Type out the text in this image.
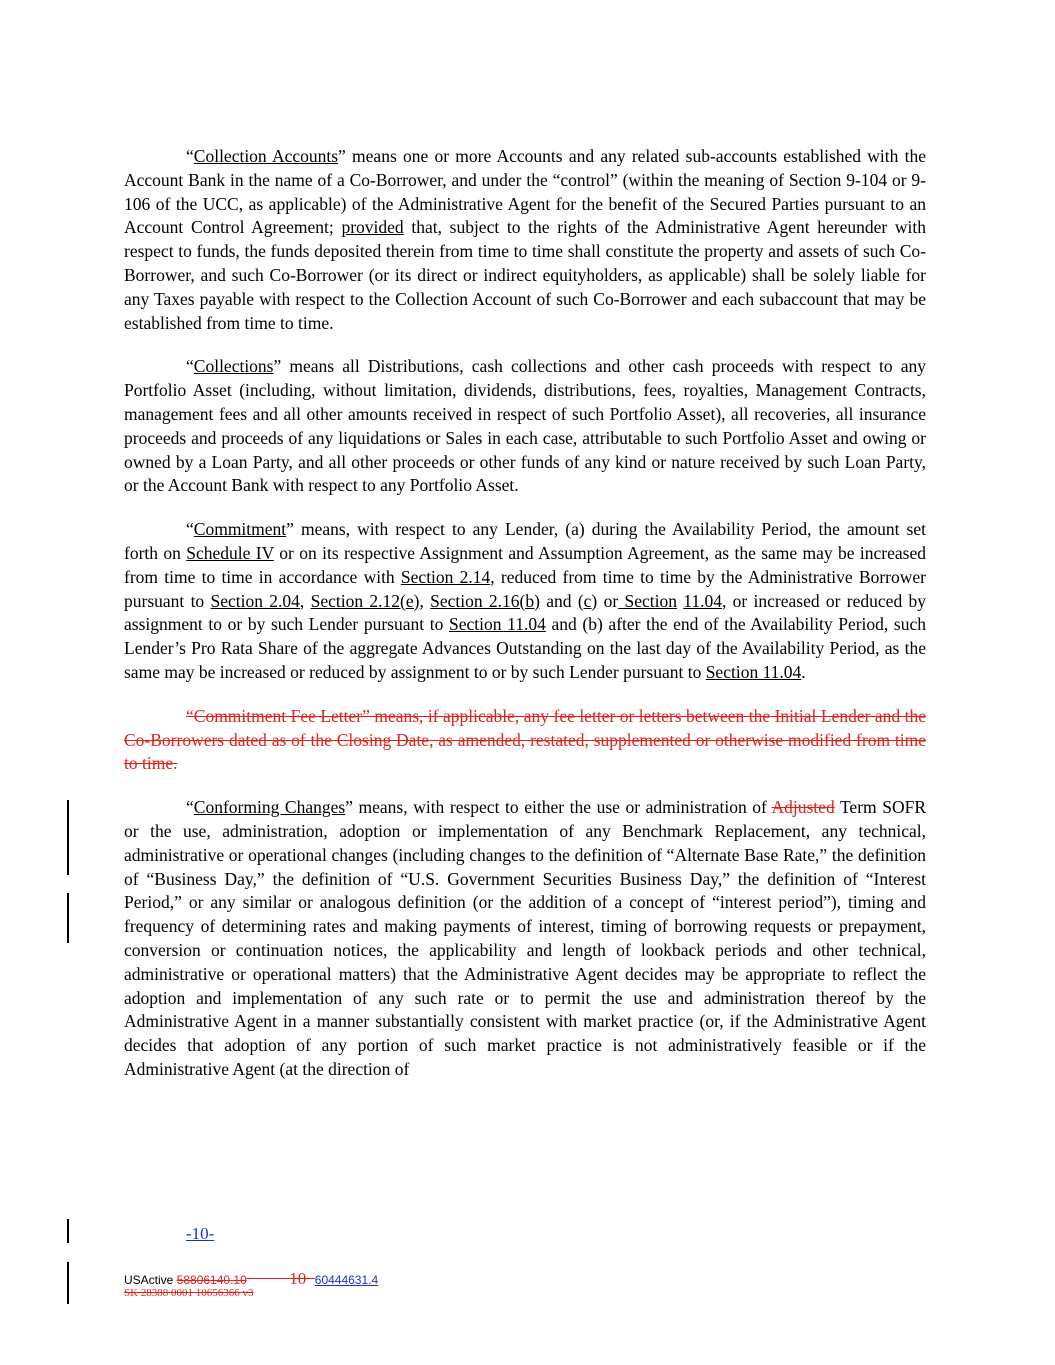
“Collection Accounts” means one or more Accounts and any related sub-accounts established with the Account Bank in the name of a Co-Borrower, and under the “control” (within the meaning of Section 9-104 or 9-106 of the UCC, as applicable) of the Administrative Agent for the benefit of the Secured Parties pursuant to an Account Control Agreement; provided that, subject to the rights of the Administrative Agent hereunder with respect to funds, the funds deposited therein from time to time shall constitute the property and assets of such Co-Borrower, and such Co-Borrower (or its direct or indirect equityholders, as applicable) shall be solely liable for any Taxes payable with respect to the Collection Account of such Co-Borrower and each subaccount that may be established from time to time.

“Collections” means all Distributions, cash collections and other cash proceeds with respect to any Portfolio Asset (including, without limitation, dividends, distributions, fees, royalties, Management Contracts, management fees and all other amounts received in respect of such Portfolio Asset), all recoveries, all insurance proceeds and proceeds of any liquidations or Sales in each case, attributable to such Portfolio Asset and owing or owned by a Loan Party, and all other proceeds or other funds of any kind or nature received by such Loan Party, or the Account Bank with respect to any Portfolio Asset.

“Commitment” means, with respect to any Lender, (a) during the Availability Period, the amount set forth on Schedule IV or on its respective Assignment and Assumption Agreement, as the same may be increased from time to time in accordance with Section 2.14, reduced from time to time by the Administrative Borrower pursuant to Section 2.04, Section 2.12(e), Section 2.16(b) and (c) or Section 11.04, or increased or reduced by assignment to or by such Lender pursuant to Section 11.04 and (b) after the end of the Availability Period, such Lender’s Pro Rata Share of the aggregate Advances Outstanding on the last day of the Availability Period, as the same may be increased or reduced by assignment to or by such Lender pursuant to Section 11.04.

“Commitment Fee Letter” means, if applicable, any fee letter or letters between the Initial Lender and the Co-Borrowers dated as of the Closing Date, as amended, restated, supplemented or otherwise modified from time to time.

“Conforming Changes” means, with respect to either the use or administration of Adjusted Term SOFR or the use, administration, adoption or implementation of any Benchmark Replacement, any technical, administrative or operational changes (including changes to the definition of “Alternate Base Rate,” the definition of “Business Day,” the definition of “U.S. Government Securities Business Day,” the definition of “Interest Period,” or any similar or analogous definition (or the addition of a concept of “interest period”), timing and frequency of determining rates and making payments of interest, timing of borrowing requests or prepayment, conversion or continuation notices, the applicability and length of lookback periods and other technical, administrative or operational matters) that the Administrative Agent decides may be appropriate to reflect the adoption and implementation of any such rate or to permit the use and administration thereof by the Administrative Agent in a manner substantially consistent with market practice (or, if the Administrative Agent decides that adoption of any portion of such market practice is not administratively feasible or if the Administrative Agent (at the direction of

-10-
USActive 58806140.10   	10  60444631.4
SK 28388 0001 10656366 v3
